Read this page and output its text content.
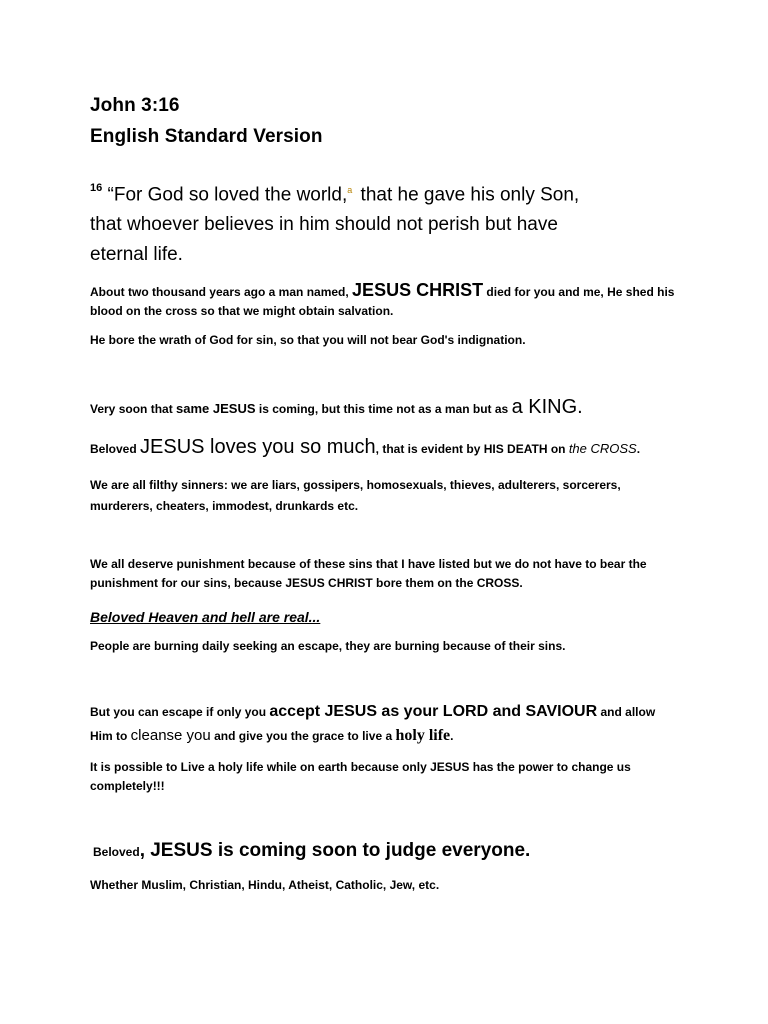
John 3:16
English Standard Version
$^{16}$ “For God so loved the world,$^a$ that he gave his only Son,
that whoever believes in him should not perish but have
eternal life.
About two thousand years ago a man named, JESUS CHRIST died for you and me, He shed his
blood on the cross so that we might obtain salvation.
He bore the wrath of God for sin, so that you will not bear God's indignation.
Very soon that same JESUS is coming, but this time not as a man but as a KING.
Beloved JESUS loves you so much, that is evident by HIS DEATH on the CROSS.
We are all filthy sinners: we are liars, gossipers, homosexuals, thieves, adulterers, sorcerers,
murderers, cheaters, immodest, drunkards etc.
We all deserve punishment because of these sins that I have listed but we do not have to bear the
punishment for our sins, because JESUS CHRIST bore them on the CROSS.
Beloved Heaven and hell are real...
People are burning daily seeking an escape, they are burning because of their sins.
But you can escape if only you accept JESUS as your LORD and SAVIOUR and allow
Him to cleanse you and give you the grace to live a holy life.
It is possible to Live a holy life while on earth because only JESUS has the power to change us
completely!!!
Beloved, JESUS is coming soon to judge everyone.
Whether Muslim, Christian, Hindu, Atheist, Catholic, Jew, etc.
